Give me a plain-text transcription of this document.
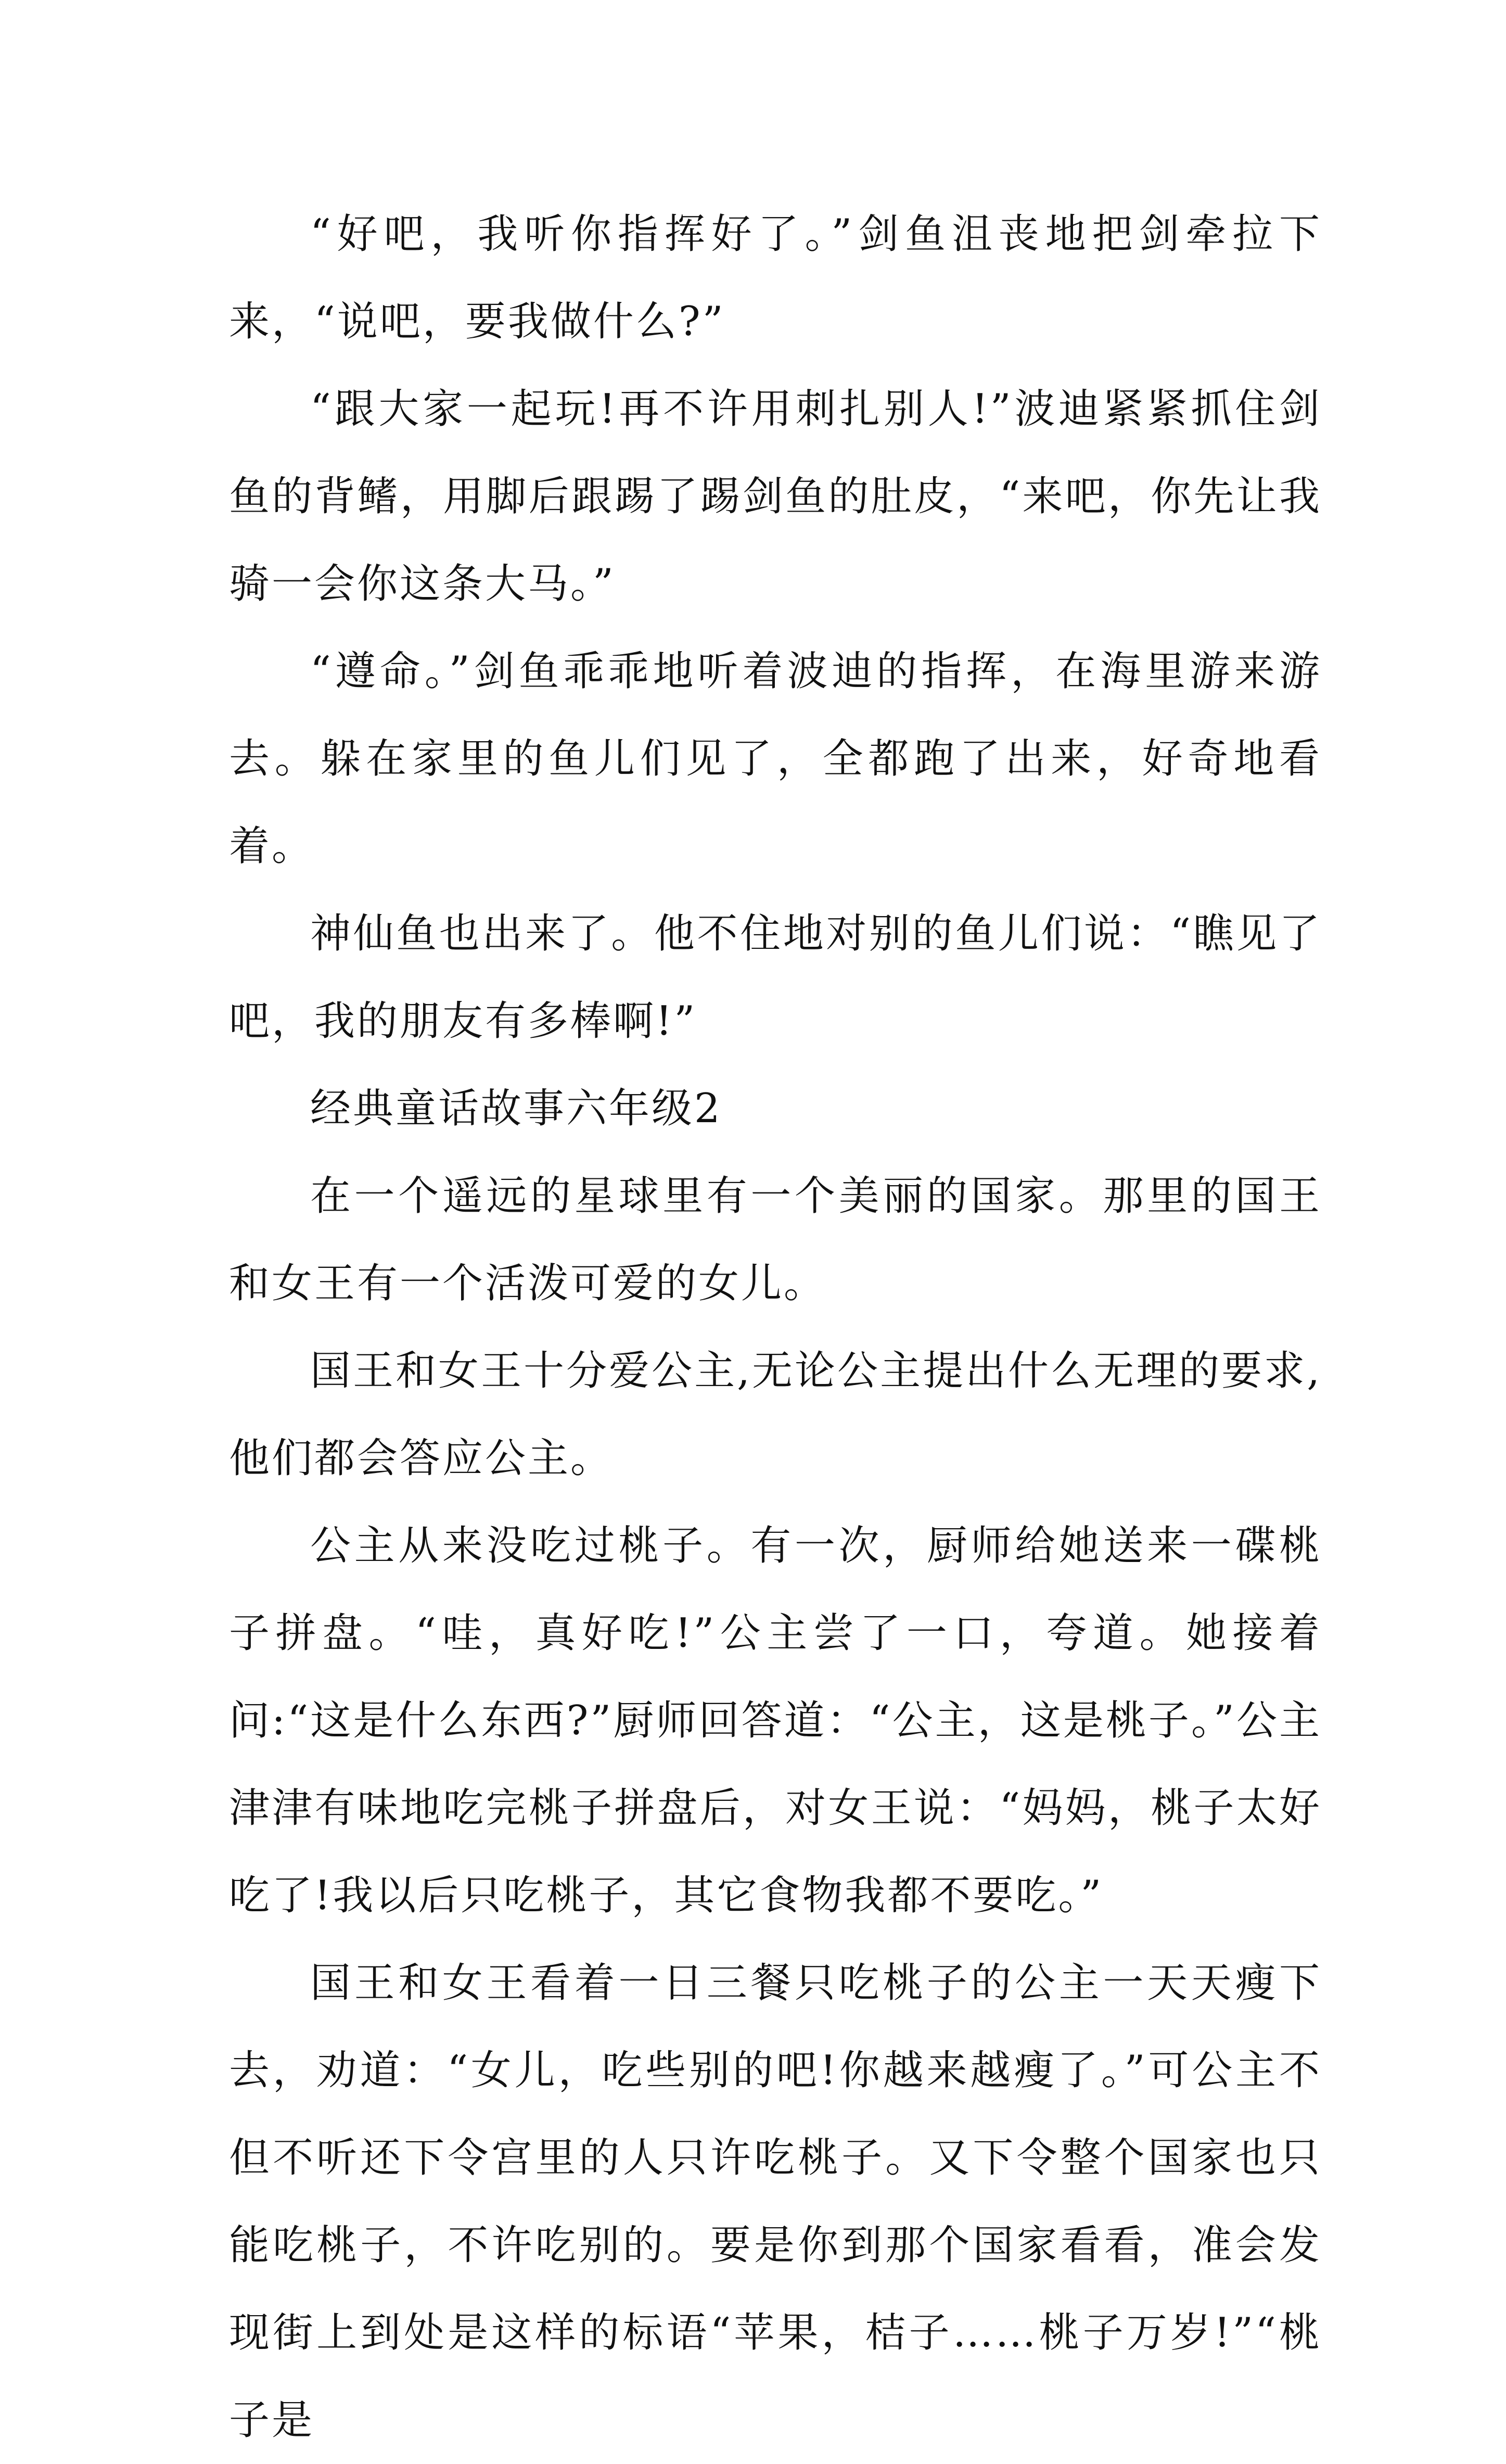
“好吧，我听你指挥好了。”剑鱼沮丧地把剑牵拉下来，“说吧，要我做什么?”

“跟大家一起玩!再不许用刺扎别人!”波迪紧紧抓住剑鱼的背鳍，用脚后跟踢了踢剑鱼的肚皮，“来吧，你先让我骑一会你这条大马。”

“遵命。”剑鱼乖乖地听着波迪的指挥，在海里游来游去。躲在家里的鱼儿们见了，全都跑了出来，好奇地看着。

神仙鱼也出来了。他不住地对别的鱼儿们说：“瞧见了吧，我的朋友有多棒啊!”

经典童话故事六年级2

在一个遥远的星球里有一个美丽的国家。那里的国王和女王有一个活泼可爱的女儿。

国王和女王十分爱公主,无论公主提出什么无理的要求,他们都会答应公主。

公主从来没吃过桃子。有一次，厨师给她送来一碟桃子拼盘。“哇，真好吃!”公主尝了一口，夸道。她接着问:“这是什么东西?”厨师回答道：“公主，这是桃子。”公主津津有味地吃完桃子拼盘后，对女王说：“妈妈，桃子太好吃了!我以后只吃桃子，其它食物我都不要吃。”

国王和女王看着一日三餐只吃桃子的公主一天天瘦下去，劝道：“女儿，吃些别的吧!你越来越瘦了。”可公主不但不听还下令宫里的人只许吃桃子。又下令整个国家也只能吃桃子，不许吃别的。要是你到那个国家看看，准会发现街上到处是这样的标语“苹果，桔子……桃子万岁!”“桃子是
